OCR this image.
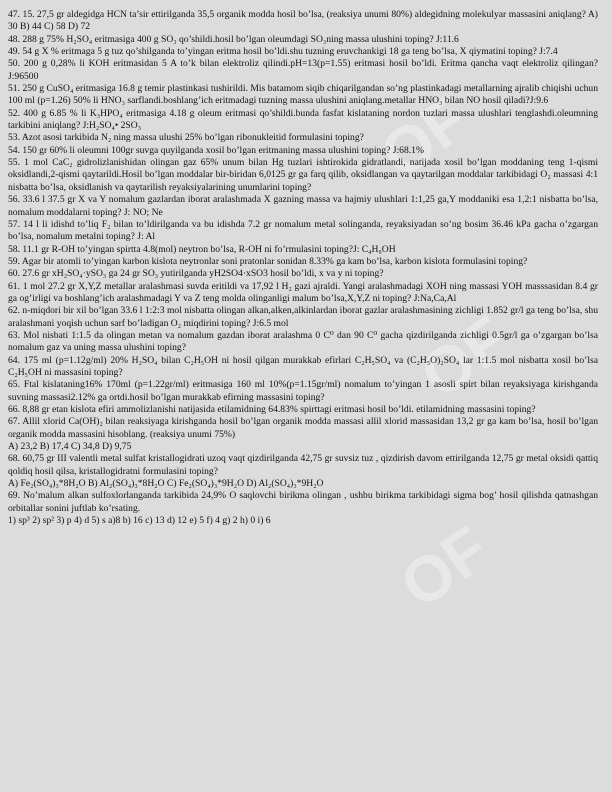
OF
OF
OF

47. 15. 27,5 gr aldegidga HCN ta’sir ettirilganda 35,5 organik modda hosil bo’lsa, (reaksiya unumi 80%) aldegidning molekulyar massasini aniqlang? A) 30 B) 44 C) 58 D) 72

48. 288 g 75% H₂SO₄ eritmasiga 400 g SO₃ qo’shildi.hosil bo’lgan oleumdagi SO₃ning massa ulushini toping? J:11.6

49. 54 g X % eritmaga 5 g tuz qo’shilganda to’yingan eritma hosil bo’ldi.shu tuzning eruvchankigi 18 ga teng bo’lsa, X qiymatini toping? J:7.4

50. 200 g 0,28% li KOH eritmasidan 5 A to’k bilan elektroliz qilindi.pH=13(p=1.55) eritmasi hosil bo’ldi. Eritma qancha vaqt elektroliz qilingan?J:96500

51. 250 g CuSO₄ eritmasiga 16.8 g temir plastinkasi tushirildi. Mis batamom siqib chiqarilgandan so’ng plastinkadagi metallarning ajralib chiqishi uchun 100 ml (p=1.26) 50% li HNO₃ sarflandi.boshlang’ich eritmadagi tuzning massa ulushini aniqlang.metallar HNO₃ bilan NO hosil qiladi?J:9.6

52. 400 g 6.85 % li K₃HPO₄ eritmasiga 4.18 g oleum eritmasi qo’shildi.bunda fasfat kislataning nordon tuzlari massa ulushlari tenglashdi.oleumning tarkibini aniqlang? J:H₂SO₄• 2SO₃

53. Azot asosi tarkibida N₂ ning massa ulushi 25% bo’lgan ribonukleitid formulasini toping?

54. 150 gr 60% li oleumni 100gr suvga quyilganda xosil bo’lgan eritmaning massa ulushini toping? J:68.1%

55. 1 mol CaC₂ gidrolizlanishidan olingan gaz 65% unum bilan Hg tuzlari ishtirokida gidratlandi, natijada xosil bo’lgan moddaning teng 1-qismi oksidlandi,2-qismi qaytarildi.Hosil bo’lgan moddalar bir-biridan 6,0125 gr ga farq qilib, oksidlangan va qaytarilgan moddalar tarkibidagi O₂ massasi 4:1 nisbatta bo’lsa, oksidlanish va qaytarilish reyaksiyalarining unumlarini toping?

56. 33.6 l 37.5 gr X va Y nomalum gazlardan iborat aralashmada X gazning massa va hajmiy ulushlari 1:1,25 ga,Y moddaniki esa 1,2:1 nisbatta bo’lsa, nomalum moddalarni toping? J: NO; Ne

57. 14 l li idishd to’liq F₂ bilan to’ldirilganda va bu idishda 7.2 gr nomalum metal solinganda, reyaksiyadan so’ng bosim 36.46 kPa gacha o’zgargan bo’lsa, nomalum metalni toping? J: Al

58. 11.1 gr R-OH to’yingan spirtta 4.8(mol) neytron bo’lsa, R-OH ni fo’rmulasini toping?J: C₄H₉OH

59. Agar bir atomli to’yingan karbon kislota neytronlar soni pratonlar sonidan 8.33% ga kam bo’lsa, karbon kislota formulasini toping?

60. 27.6 gr xH₂SO₄·ySO₃ ga 24 gr SO₃ yutirilganda yH2SO4·xSO3 hosil bo’ldi, x va y ni toping?

61. 1 mol 27.2 gr X,Y,Z metallar aralashmasi suvda eritildi va 17,92 l H₂ gazi ajraldi. Yangi aralashmadagi XOH ning massasi YOH masssasidan 8.4 gr ga og’irligi va boshlang’ich aralashmadagi Y va Z teng molda olinganligi malum bo’lsa,X,Y,Z ni toping? J:Na,Ca,Al

62. n-miqdori bir xil bo’lgan 33.6 l 1:2:3 mol nisbatta olingan alkan,alken,alkinlardan iborat gazlar aralashmasining zichligi 1.852 gr/l ga teng bo’lsa, shu aralashmani yoqish uchun sarf bo’ladigan O₂ miqdirini toping? J:6.5 mol

63. Mol nisbati 1:1.5 da olingan metan va nomalum gazdan iborat aralashma 0 C⁰ dan 90 C⁰ gacha qizdirilganda zichligi 0.5gr/l ga o’zgargan bo’lsa nomalum gaz va uning massa ulushini toping?

64. 175 ml (p=1.12g/ml) 20% H₂SO₄ bilan C₂H₅OH ni hosil qilgan murakkab efirlari C₂H₅SO₄ va (C₂H₅O)₂SO₄ lar 1:1.5 mol nisbatta xosil bo’lsa C₂H₅OH ni massasini toping?

65. Ftal kislataning16% 170ml (p=1.22gr/ml) eritmasiga 160 ml 10%(p=1.15gr/ml) nomalum to’yingan 1 asosli spirt bilan reyaksiyaga kirishganda suvning massasi2.12% ga ortdi.hosil bo’lgan murakkab efirning massasini toping?

66. 8,88 gr etan kislota efiri ammolizlanishi natijasida etilamidning 64.83% spirttagi eritmasi hosil bo’ldi. etilamidning massasini toping?

67. Allil xlorid Ca(OH)₂ bilan reaksiyaga kirishganda hosil bo’lgan organik modda massasi allil xlorid massasidan 13,2 gr ga kam bo’lsa, hosil bo’lgan organik modda massasini hisoblang. (reaksiya unumi 75%)

A) 23,2 B) 17,4 C) 34,8 D) 9,75

68. 60,75 gr III valentli metal sulfat kristallogidrati uzoq vaqt qizdirilganda 42,75 gr suvsiz tuz , qizdirish davom ettirilganda 12,75 gr metal oksidi qattiq qoldiq hosil qilsa, kristallogidratni formulasini toping?

A) Fe₂(SO₄)₃*8H₂O B) Al₂(SO₄)₃*8H₂O C) Fe₂(SO₄)₃*9H₂O D) Al₂(SO₄)₃*9H₂O

69. No’malum alkan sulfoxlorlanganda tarkibida 24,9% O saqlovchi birikma olingan , ushbu birikma tarkibidagi sigma bog’ hosil qilishda qatnashgan orbitallar sonini juftlab ko’rsating.

1) sp³ 2) sp² 3) p 4) d 5) s a)8 b) 16 c) 13 d) 12 e) 5 f) 4 g) 2 h) 0 i) 6
